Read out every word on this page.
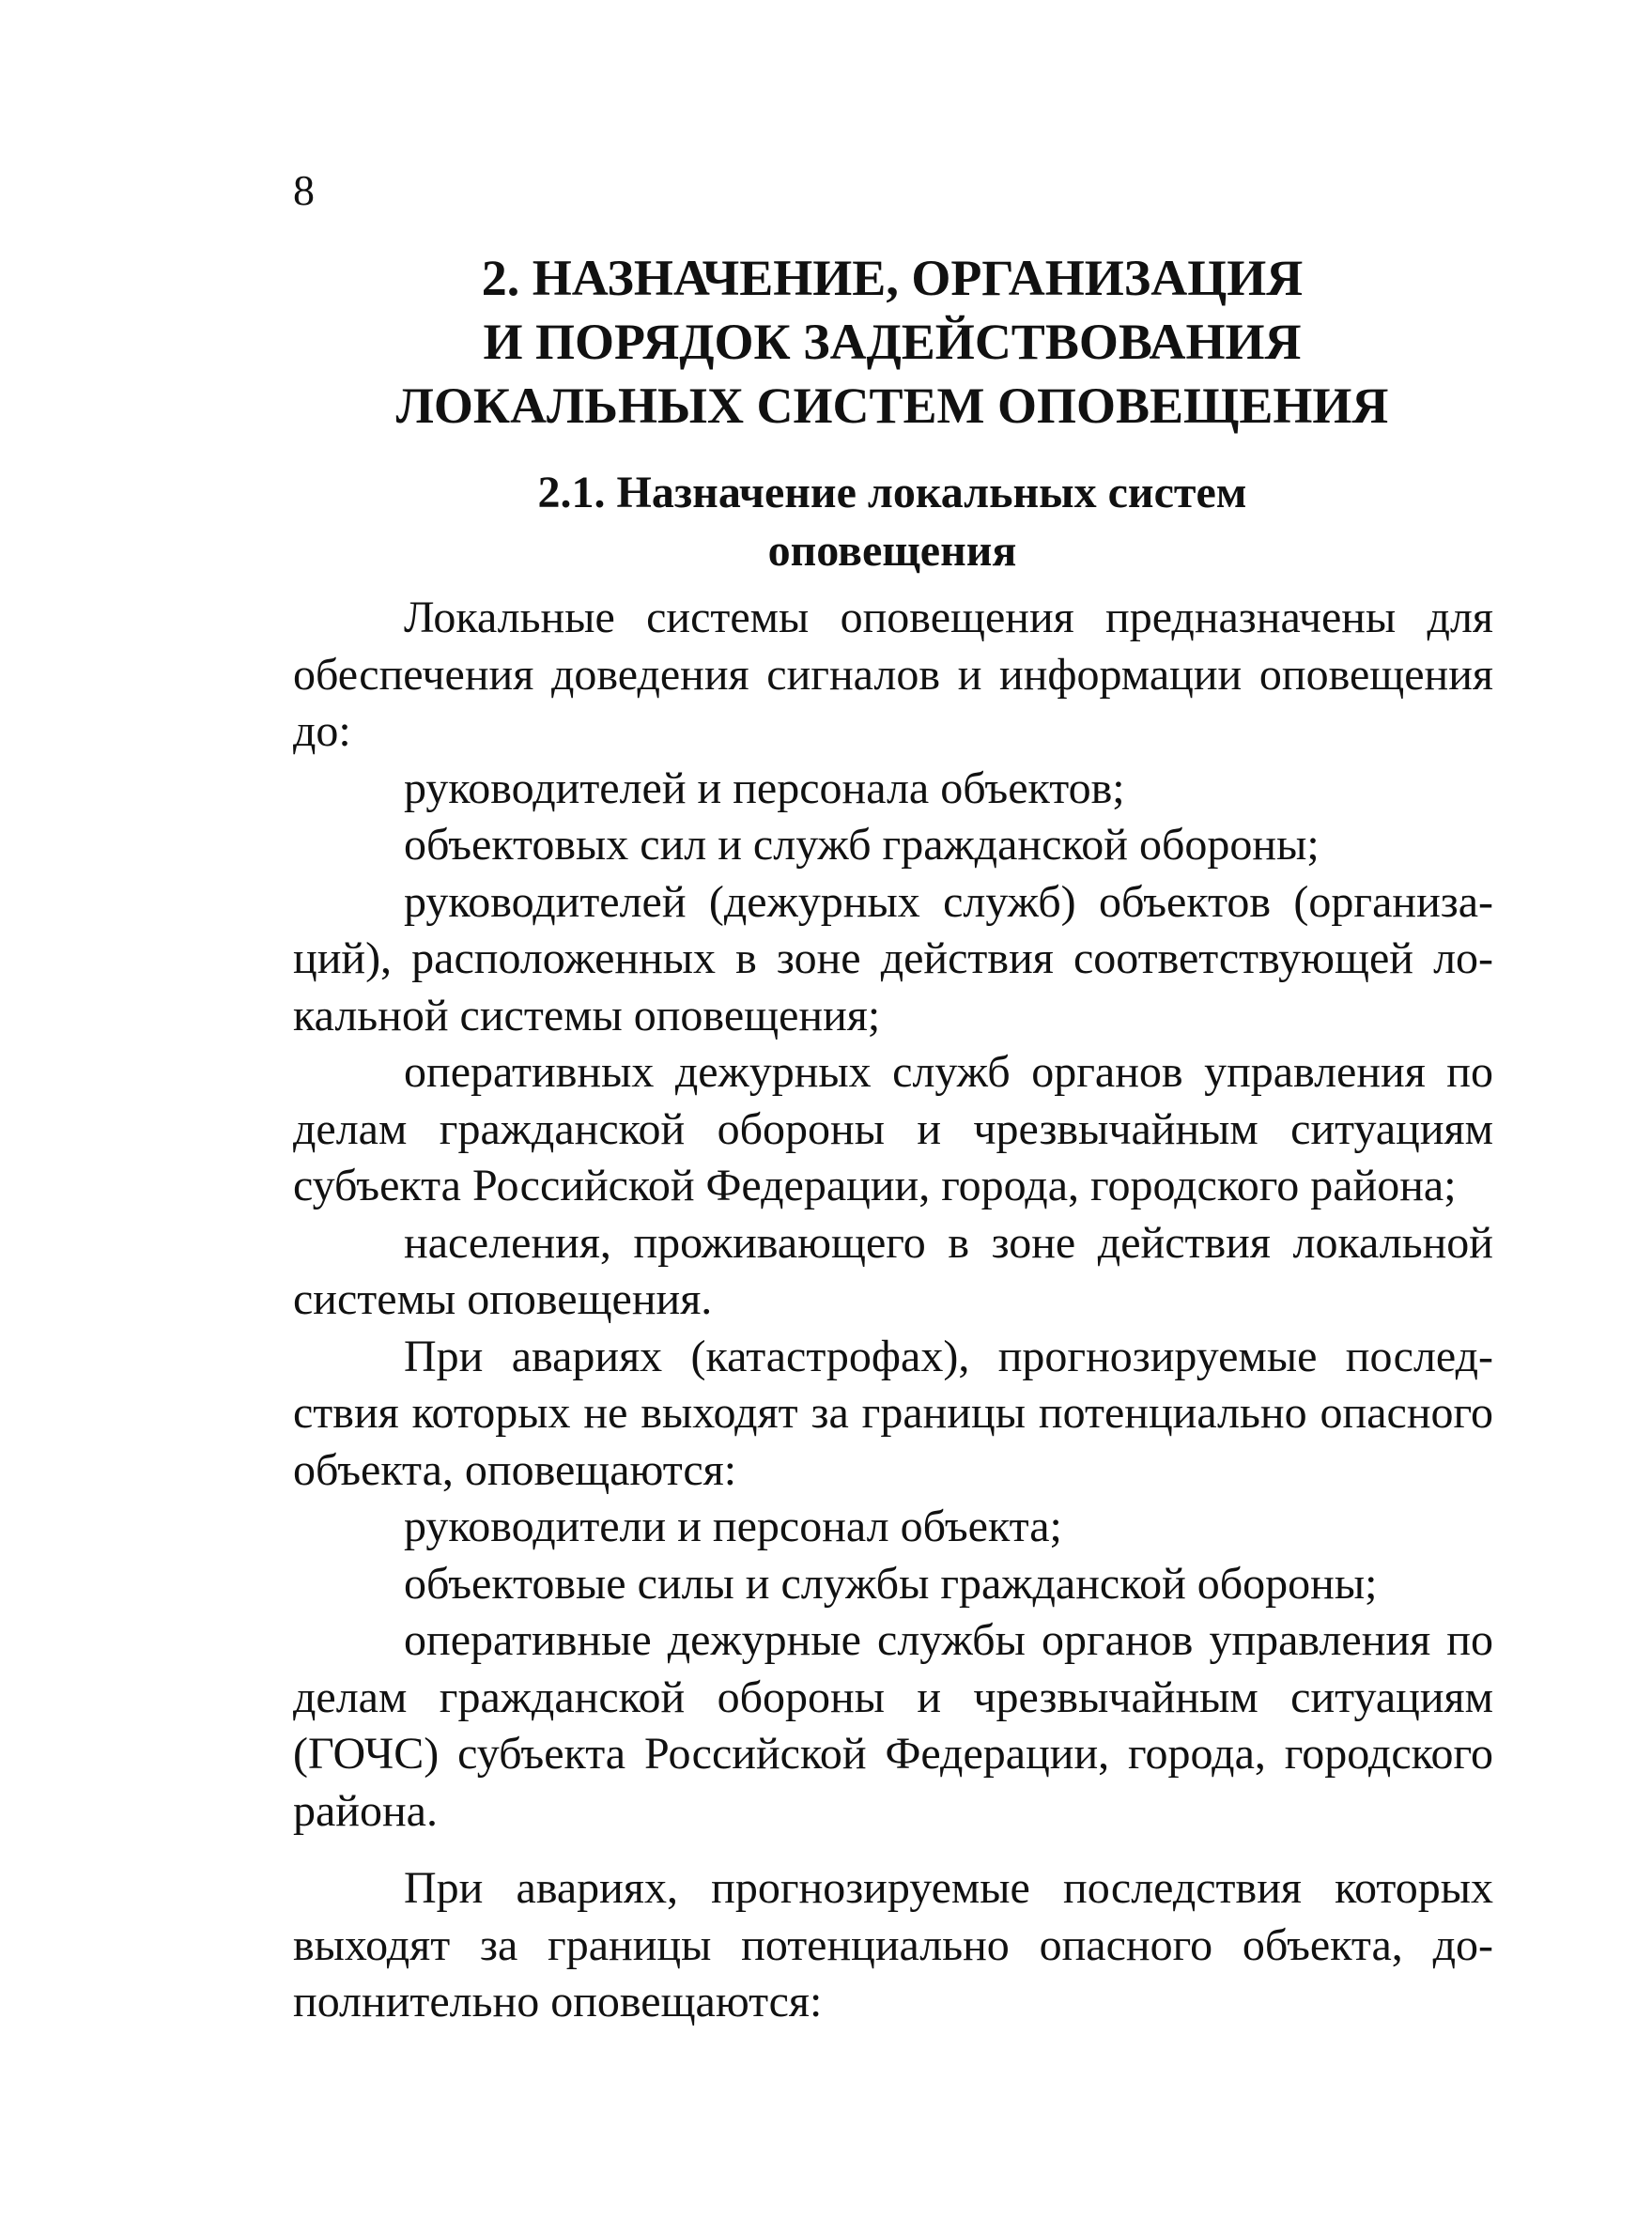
8
2. НАЗНАЧЕНИЕ, ОРГАНИЗАЦИЯ
И ПОРЯДОК ЗАДЕЙСТВОВАНИЯ
ЛОКАЛЬНЫХ СИСТЕМ ОПОВЕЩЕНИЯ
2.1. Назначение локальных систем
оповещения

Локальные системы оповещения предназначены для обеспечения доведения сигналов и информации оповещения до:

руководителей и персонала объектов;

объектовых сил и служб гражданской обороны;

руководителей (дежурных служб) объектов (организаций), расположенных в зоне действия соответствующей локальной системы оповещения;

оперативных дежурных служб органов управления по делам гражданской обороны и чрезвычайным ситуациям субъекта Российской Федерации, города, городского района;

населения, проживающего в зоне действия локальной системы оповещения.

При авариях (катастрофах), прогнозируемые последствия которых не выходят за границы потенциально опасного объекта, оповещаются:

руководители и персонал объекта;

объектовые силы и службы гражданской обороны;

оперативные дежурные службы органов управления по делам гражданской обороны и чрезвычайным ситуациям (ГОЧС) субъекта Российской Федерации, города, городского района.

При авариях, прогнозируемые последствия которых выходят за границы потенциально опасного объекта, дополнительно оповещаются:
